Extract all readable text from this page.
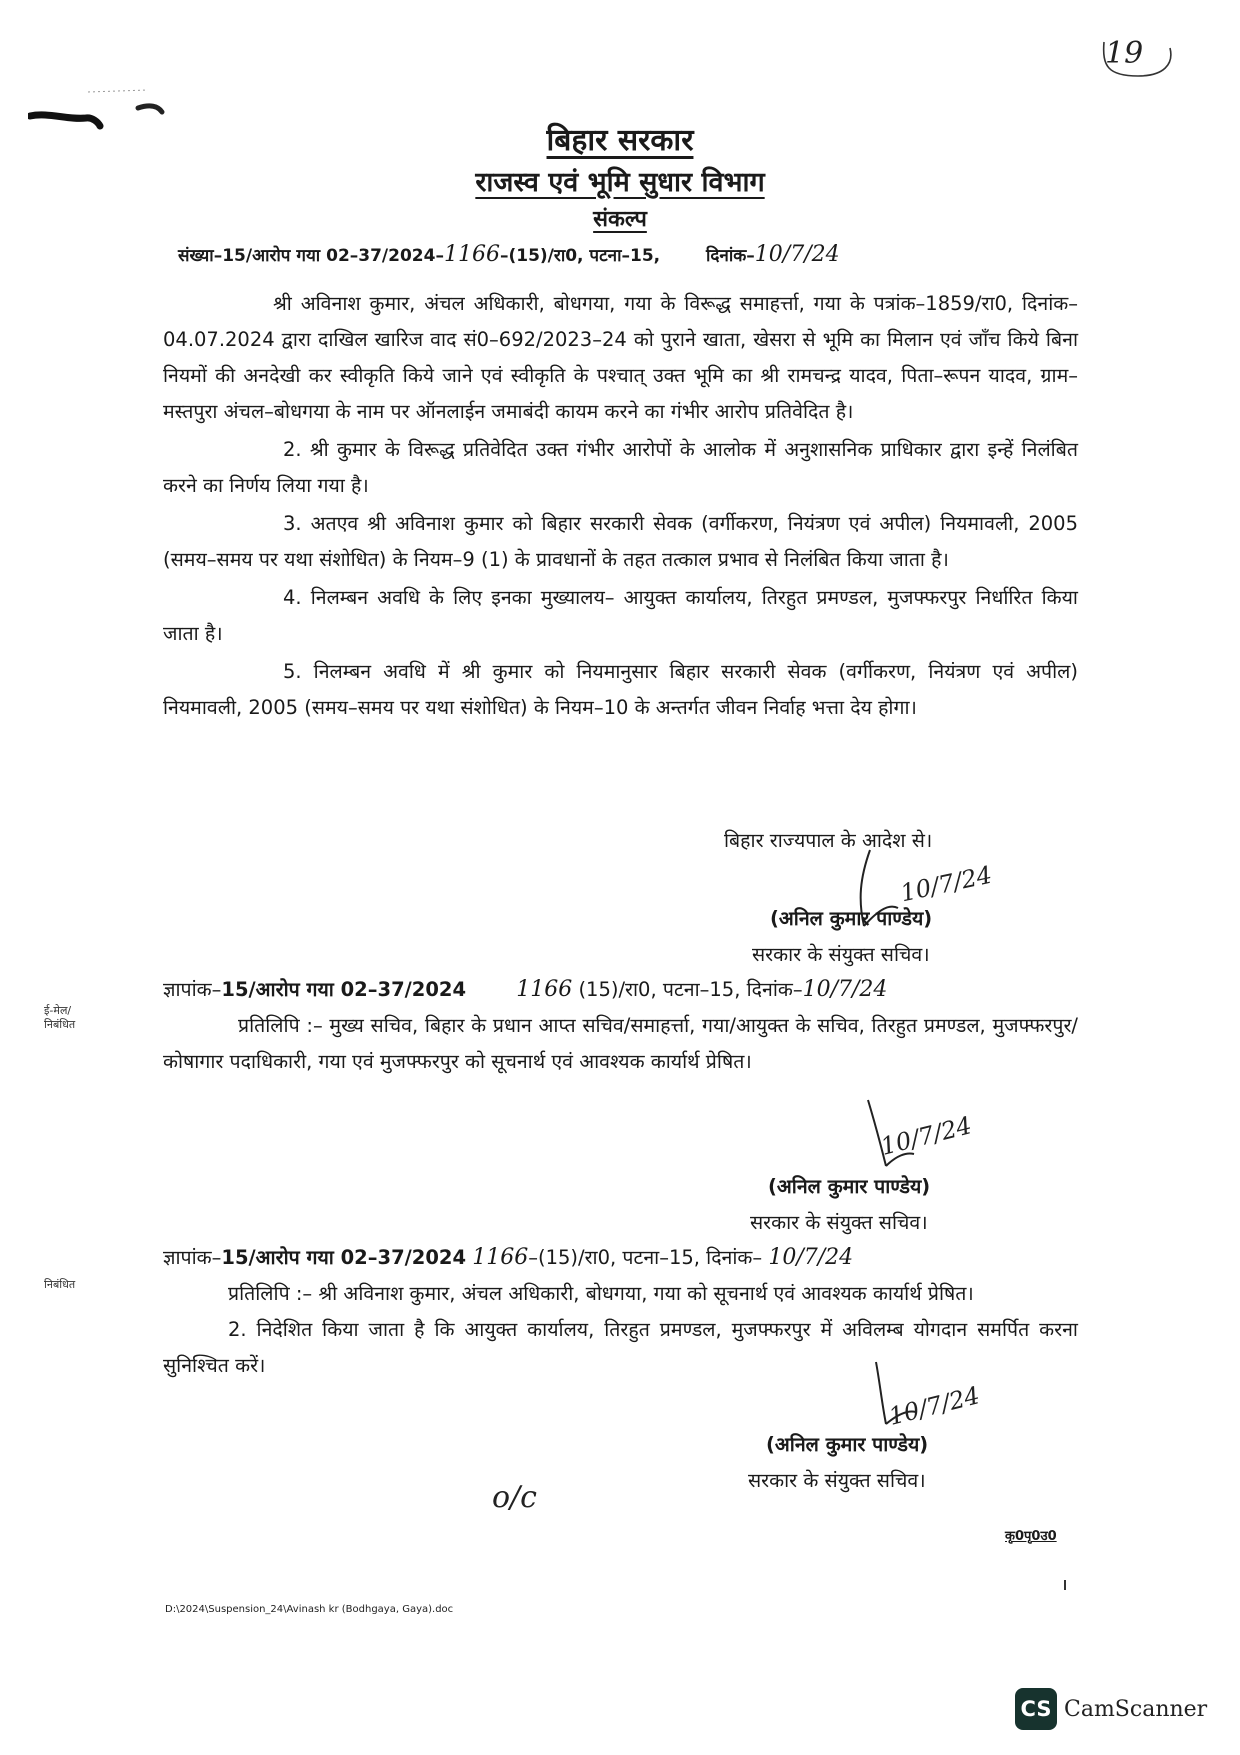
19
बिहार सरकार
राजस्व एवं भूमि सुधार विभाग
संकल्प
संख्या–15/आरोप गया 02–37/2024–1166–(15)/रा0, पटना–15,	दिनांक–10/7/24

श्री अविनाश कुमार, अंचल अधिकारी, बोधगया, गया के विरूद्ध समाहर्त्ता, गया के पत्रांक–1859/रा0, दिनांक–04.07.2024 द्वारा दाखिल खारिज वाद सं0–692/2023–24 को पुराने खाता, खेसरा से भूमि का मिलान एवं जाँच किये बिना नियमों की अनदेखी कर स्वीकृति किये जाने एवं स्वीकृति के पश्चात् उक्त भूमि का श्री रामचन्द्र यादव, पिता–रूपन यादव, ग्राम–मस्तपुरा अंचल–बोधगया के नाम पर ऑनलाईन जमाबंदी कायम करने का गंभीर आरोप प्रतिवेदित है।

2. श्री कुमार के विरूद्ध प्रतिवेदित उक्त गंभीर आरोपों के आलोक में अनुशासनिक प्राधिकार द्वारा इन्हें निलंबित करने का निर्णय लिया गया है।

3. अतएव श्री अविनाश कुमार को बिहार सरकारी सेवक (वर्गीकरण, नियंत्रण एवं अपील) नियमावली, 2005 (समय–समय पर यथा संशोधित) के नियम–9 (1) के प्रावधानों के तहत तत्काल प्रभाव से निलंबित किया जाता है।

4. निलम्बन अवधि के लिए इनका मुख्यालय– आयुक्त कार्यालय, तिरहुत प्रमण्डल, मुजफ्फरपुर निर्धारित किया जाता है।

5. निलम्बन अवधि में श्री कुमार को नियमानुसार बिहार सरकारी सेवक (वर्गीकरण, नियंत्रण एवं अपील) नियमावली, 2005 (समय–समय पर यथा संशोधित) के नियम–10 के अन्तर्गत जीवन निर्वाह भत्ता देय होगा।

बिहार राज्यपाल के आदेश से।
10/7/24
(अनिल कुमार पाण्डेय)
सरकार के संयुक्त सचिव।
ई-मेल/ निबंधित
ज्ञापांक–15/आरोप गया 02–37/2024 1166 (15)/रा0, पटना–15, दिनांक–10/7/24

प्रतिलिपि :– मुख्य सचिव, बिहार के प्रधान आप्त सचिव/समाहर्त्ता, गया/आयुक्त के सचिव, तिरहुत प्रमण्डल, मुजफ्फरपुर/कोषागार पदाधिकारी, गया एवं मुजफ्फरपुर को सूचनार्थ एवं आवश्यक कार्यार्थ प्रेषित।

10/7/24
(अनिल कुमार पाण्डेय)
सरकार के संयुक्त सचिव।
निबंधित
ज्ञापांक–15/आरोप गया 02–37/2024 1166–(15)/रा0, पटना–15, दिनांक– 10/7/24

प्रतिलिपि :– श्री अविनाश कुमार, अंचल अधिकारी, बोधगया, गया को सूचनार्थ एवं आवश्यक कार्यार्थ प्रेषित।

2. निदेशित किया जाता है कि आयुक्त कार्यालय, तिरहुत प्रमण्डल, मुजफ्फरपुर में अविलम्ब योगदान समर्पित करना सुनिश्चित करें।

10/7/24
(अनिल कुमार पाण्डेय)
सरकार के संयुक्त सचिव।
o/c
कृ0पृ0उ0
D:\2024\Suspension_24\Avinash kr (Bodhgaya, Gaya).doc
CS CamScanner
